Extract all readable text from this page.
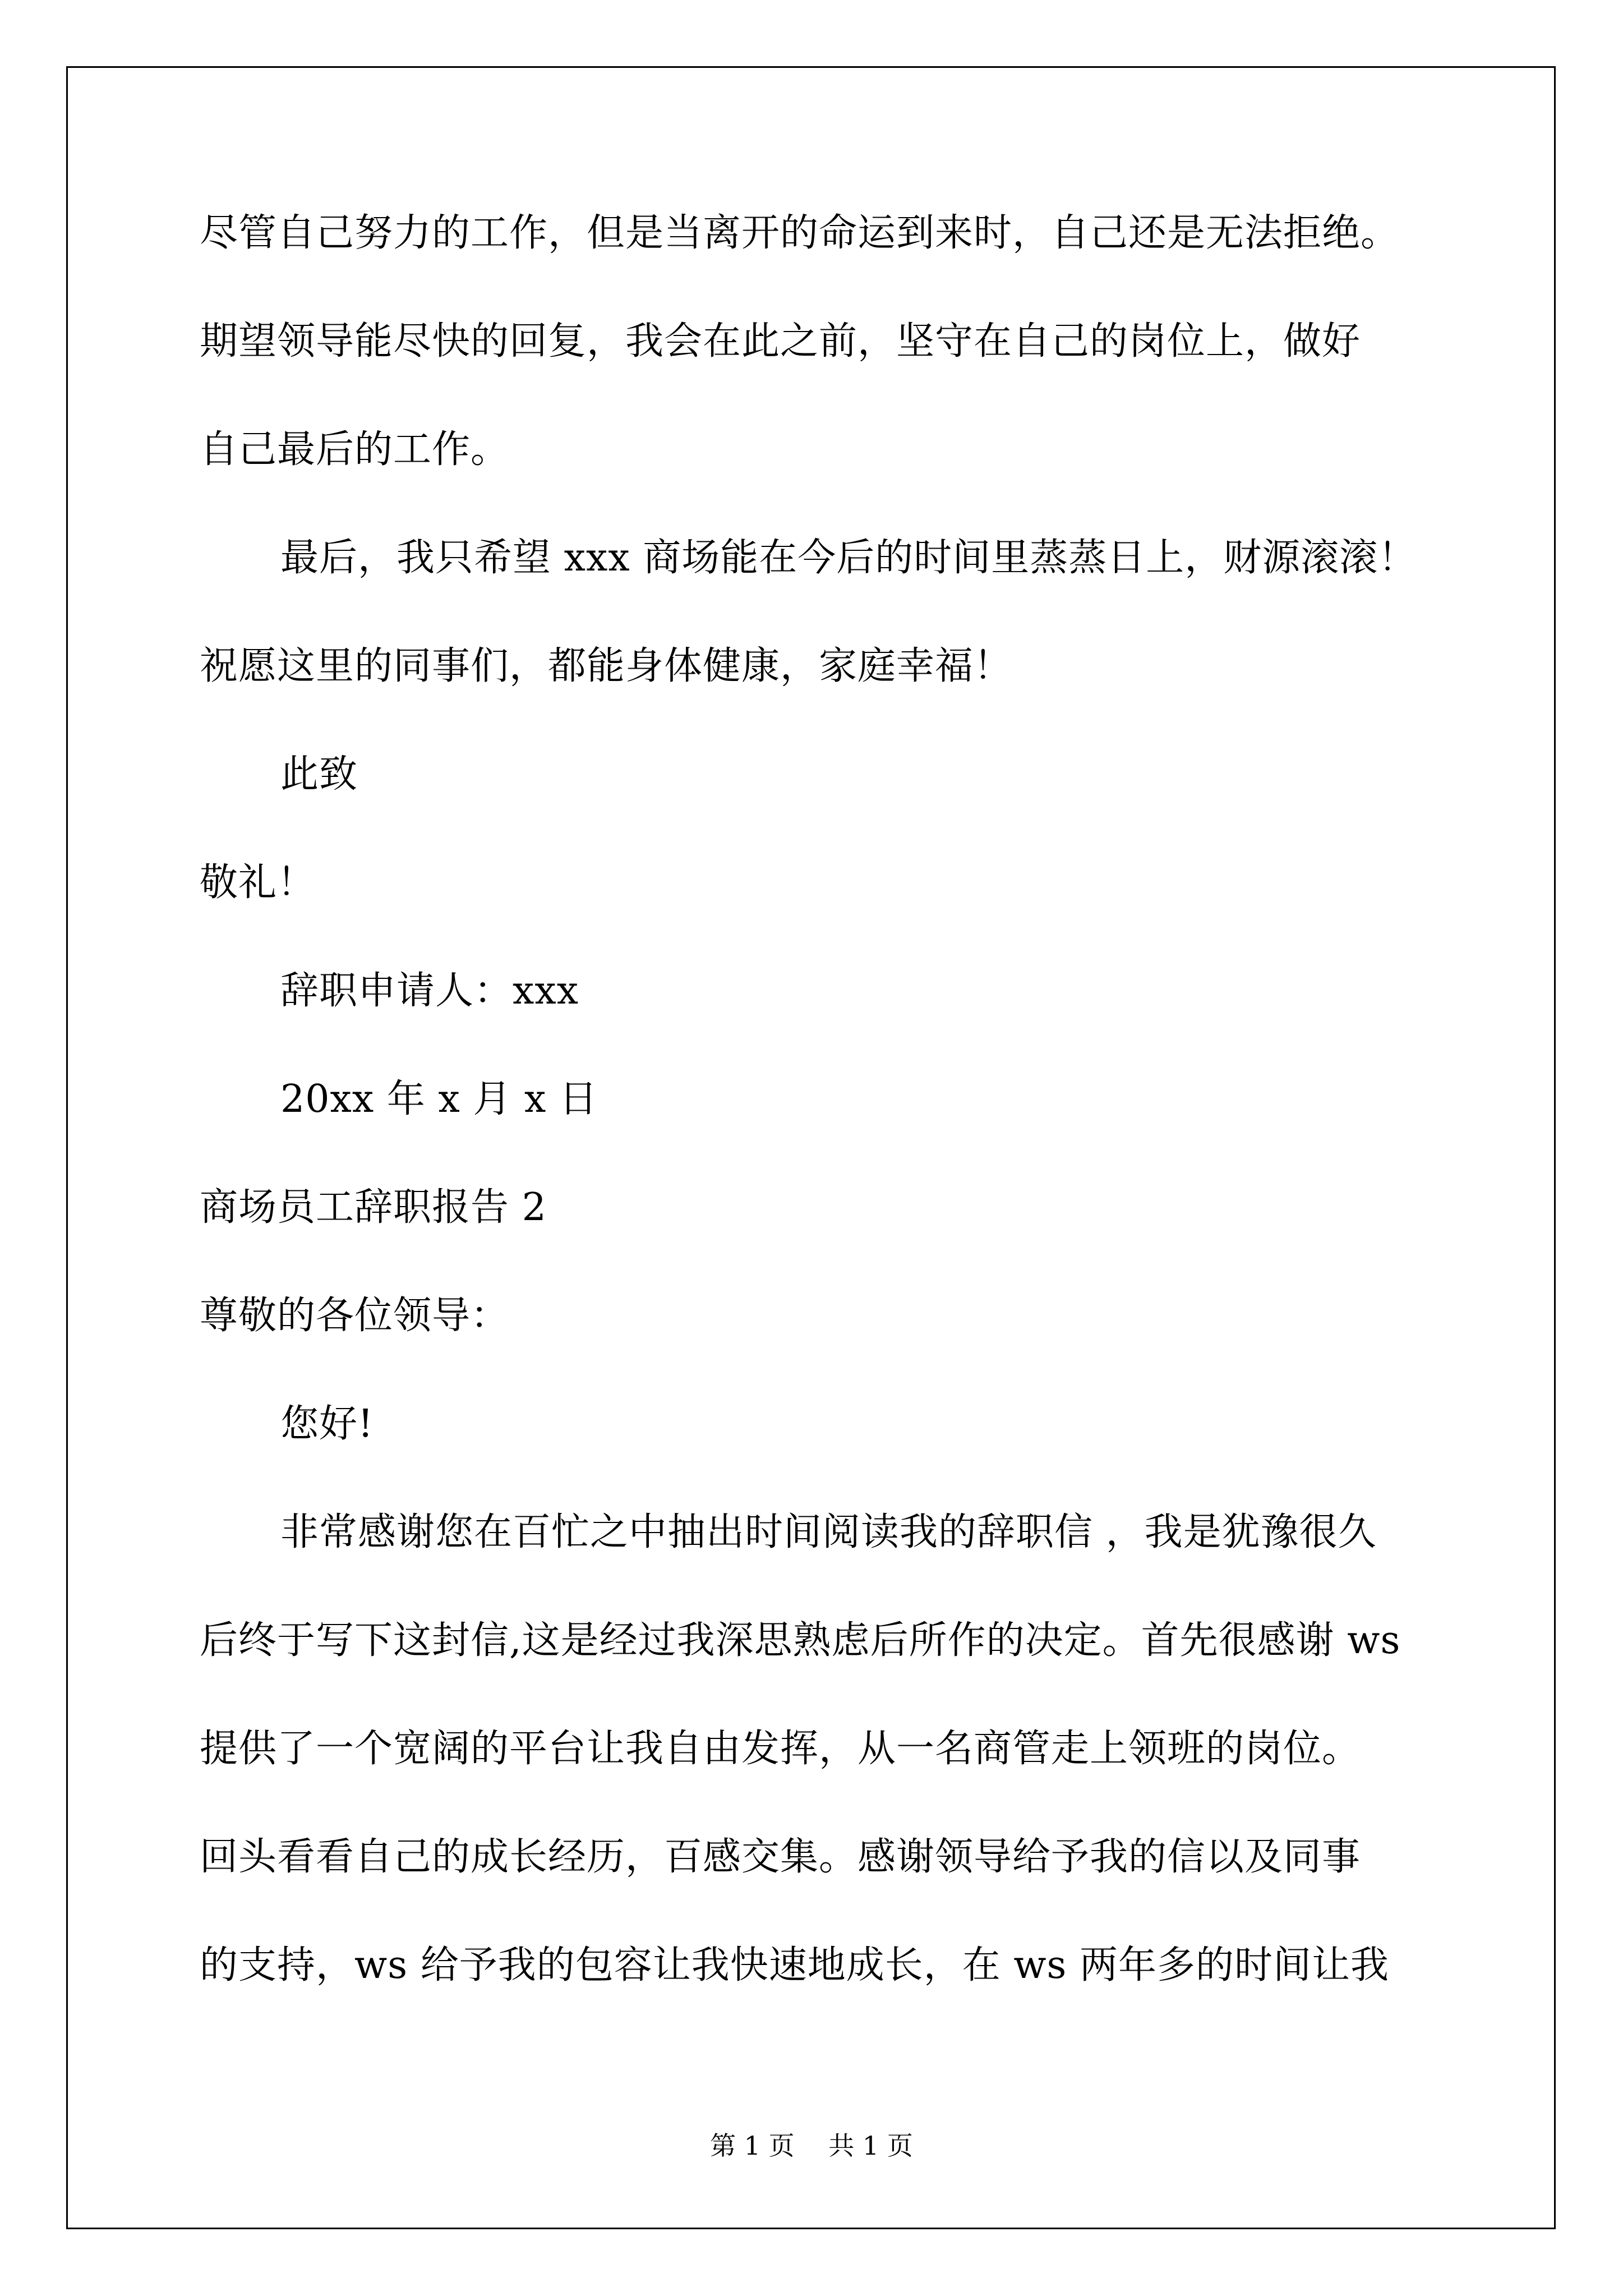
尽管自己努力的工作，但是当离开的命运到来时，自己还是无法拒绝。
期望领导能尽快的回复，我会在此之前，坚守在自己的岗位上，做好
自己最后的工作。
最后，我只希望 xxx 商场能在今后的时间里蒸蒸日上，财源滚滚！
祝愿这里的同事们，都能身体健康，家庭幸福！
此致
敬礼！
辞职申请人：xxx
20xx 年 x 月 x 日
商场员工辞职报告 2
尊敬的各位领导：
您好!
非常感谢您在百忙之中抽出时间阅读我的辞职信 ，我是犹豫很久
后终于写下这封信,这是经过我深思熟虑后所作的决定。首先很感谢 ws
提供了一个宽阔的平台让我自由发挥，从一名商管走上领班的岗位。
回头看看自己的成长经历，百感交集。感谢领导给予我的信以及同事
的支持，ws 给予我的包容让我快速地成长，在 ws 两年多的时间让我
第 1 页　 共 1 页
